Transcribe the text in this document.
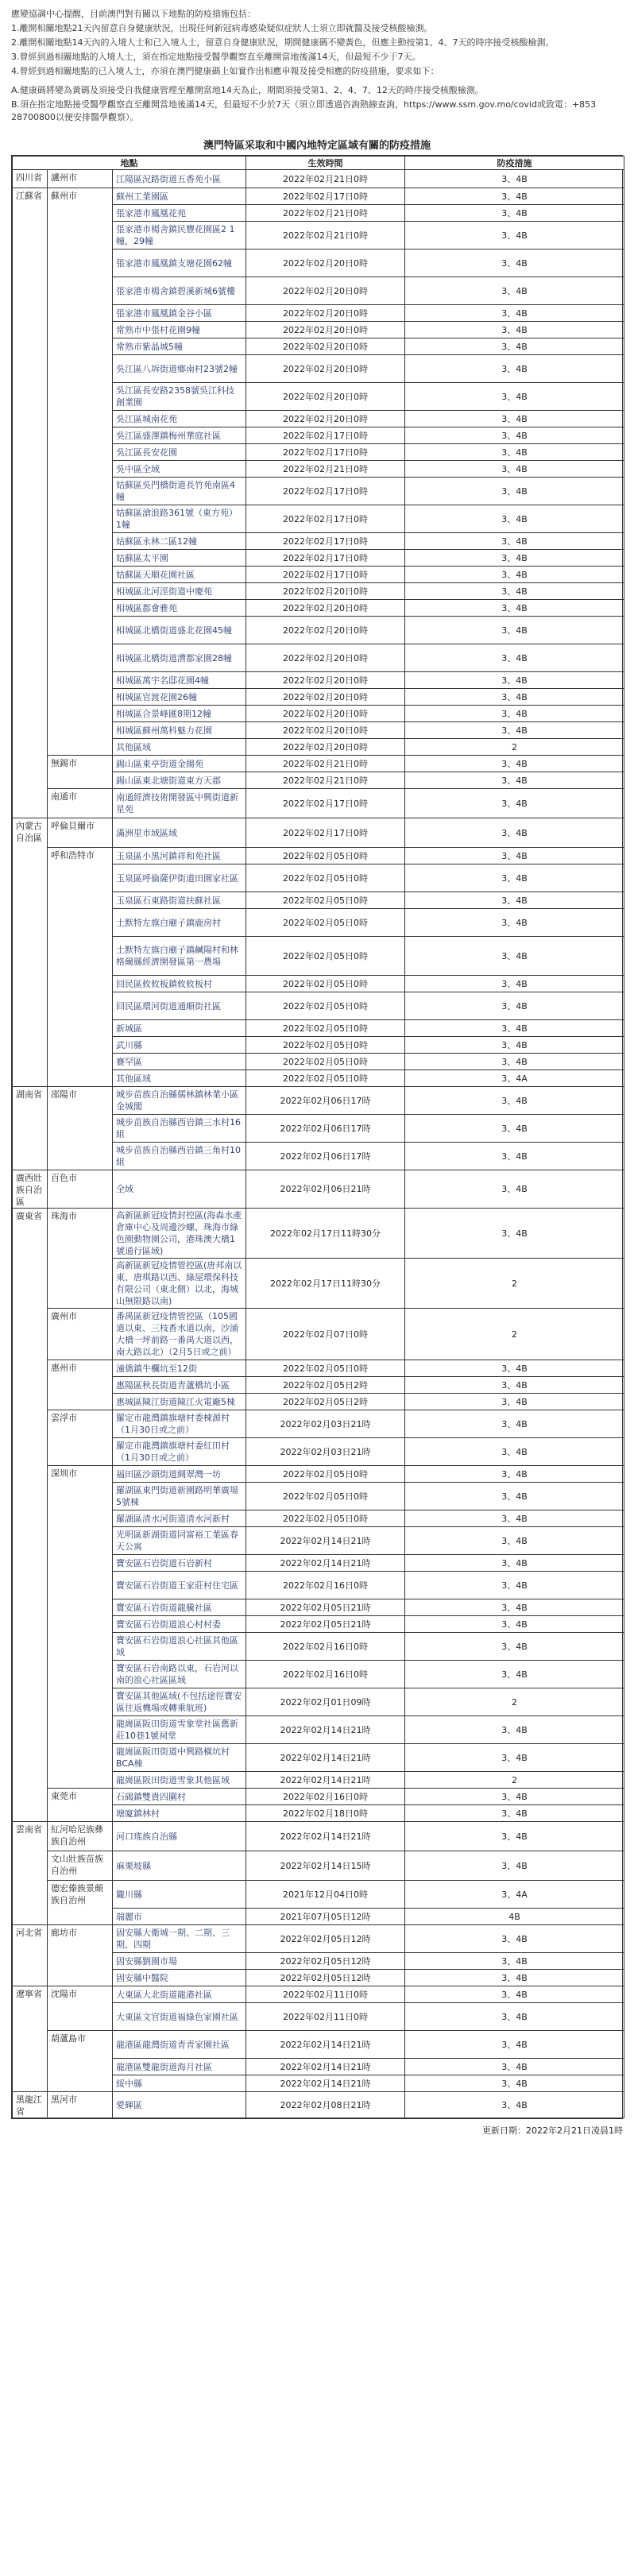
應變協調中心提醒，目前澳門對有關以下地點的防疫措施包括：

1.離開相關地點21天內留意自身健康狀況，出現任何新冠病毒感染疑似症狀人士須立即就醫及接受核酸檢測。

2.離開相關地點14天內的入境人士和已入境人士，留意自身健康狀況，期間健康碼不變黃色，但應主動按第1、4、7天的時序接受核酸檢測。

3.曾經到過相關地點的入境人士，須在指定地點接受醫學觀察直至離開當地後滿14天，但最短不少于7天。

4.曾經到過相關地點的已入境人士，亦須在澳門健康碼上如實作出相應申報及接受相應的防疫措施，要求如下：

A.健康碼將變為黃碼及須接受自我健康管理至離開當地14天為止，期間須接受第1、2、4、7、12天的時序接受核酸檢測。

B.須在指定地點接受醫學觀察直至離開當地後滿14天，但最短不少於7天（須立即透過咨詢熱線查詢，https://www.ssm.gov.mo/covid或致電：+853 28700800以便安排醫學觀察）。

澳門特區采取和中國內地特定區域有關的防疫措施
地點			生效時間	防疫措施
四川省	瀘州市	江陽區況路街道五香苑小區	2022年02月21日0時	3、4B
江蘇省	蘇州市	蘇州工業園區	2022年02月17日0時	3、4B
		張家港市鳳凰花苑	2022年02月21日0時	3、4B
		張家港市楊舍鎮民豐花園區2 1幢，29幢	2022年02月21日0時	3、4B
		張家港市鳳凰鎮支塘花園62幢	2022年02月20日0時	3、4B
		張家港市楊舍鎮碧溪新城6號樓	2022年02月20日0時	3、4B
		張家港市鳳凰鎮金谷小區	2022年02月20日0時	3、4B
		常熟市中張村花園9幢	2022年02月20日0時	3、4B
		常熟市紫晶城5幢	2022年02月20日0時	3、4B
		吳江區八坼街道鄉南村23號2幢	2022年02月20日0時	3、4B
		吳江區長安路2358號吳江科技創業園	2022年02月20日0時	3、4B
		吳江區城南花苑	2022年02月20日0時	3、4B
		吳江區盛澤鎮梅州華庭社區	2022年02月17日0時	3、4B
		吳江區長安花園	2022年02月17日0時	3、4B
		吳中區全域	2022年02月21日0時	3、4B
		姑蘇區吳門橋街道長竹苑南區4幢	2022年02月17日0時	3、4B
		姑蘇區滄浪路361號（東方苑）1幢	2022年02月17日0時	3、4B
		姑蘇區永林二區12幢	2022年02月17日0時	3、4B
		姑蘇區太平園	2022年02月17日0時	3、4B
		姑蘇區天順花園社區	2022年02月17日0時	3、4B
		相城區北河涇街道中慶苑	2022年02月20日0時	3、4B
		相城區都會雅苑	2022年02月20日0時	3、4B
		相城區北橋街道盛北花園45幢	2022年02月20日0時	3、4B
		相城區北橋街道漕都家園28幢	2022年02月20日0時	3、4B
		相城區萬宇名邸花園4幢	2022年02月20日0時	3、4B
		相城區官渡花園26幢	2022年02月20日0時	3、4B
		相城區合景峰匯8期12幢	2022年02月20日0時	3、4B
		相城區蘇州萬科魅力花園	2022年02月20日0時	3、4B
		其他區域	2022年02月20日0時	2
	無錫市	錫山區東亭街道金揚苑	2022年02月21日0時	3、4B
		錫山區東北塘街道東方天郡	2022年02月21日0時	3、4B
	南通市	南通經濟技術開發區中興街道新星苑	2022年02月17日0時	3、4B
內蒙古自治區	呼倫貝爾市	滿洲里市域區域	2022年02月17日0時	3、4B
	呼和浩特市	玉泉區小黑河鎮祥和苑社區	2022年02月05日0時	3、4B
		玉泉區呼倫薩伊街道田園家社區	2022年02月05日0時	3、4B
		玉泉區石東路街道扶蘇社區	2022年02月05日0時	3、4B
		土默特左旗白廟子鎮鹿房村	2022年02月05日0時	3、4B
		土默特左旗白廟子鎮鹹陽村和林格爾縣經濟開發區第一農場	2022年02月05日0時	3、4B
		回民區攸攸板鎮攸攸板村	2022年02月05日0時	3、4B
		回民區環河街道通順街社區	2022年02月05日0時	3、4B
		新城區	2022年02月05日0時	3、4B
		武川縣	2022年02月05日0時	3、4B
		賽罕區	2022年02月05日0時	3、4B
		其他區域	2022年02月05日0時	3、4A
湖南省	邵陽市	城步苗族自治縣儒林鎮林業小區金城閣	2022年02月06日17時	3、4B
		城步苗族自治縣西岩鎮三水村16組	2022年02月06日17時	3、4B
		城步苗族自治縣西岩鎮三角村10組	2022年02月06日17時	3、4B
廣西壯族自治區	百色市	全域	2022年02月06日21時	3、4B
廣東省	珠海市	高新區新冠疫情封控區(海森水產倉庫中心及周邊沙螺、珠海市綠色園動物園公司，港珠澳大橋1號通行區域)	2022年02月17日11時30分	3、4B
		高新區新冠疫情管控區(唐邦南以東、唐琪路以西、綠屋環保科技有限公司（東北側）以北，海城山無限路以南)	2022年02月17日11時30分	2
	廣州市	番禺區新冠疫情管控區（105國道以東、三枝香水道以南，沙涌大橋一坪前路一番禺大道以西，南大路以北）（2月5日或之前）	2022年02月07日0時	2
	惠州市	潼僑鎮牛欄坑至12街	2022年02月05日0時	3、4B
		惠陽區秋長街道青蘆橋坑小區	2022年02月05日2時	3、4B
		惠城區陳江街道陳江火電廠5棟	2022年02月05日2時	3、4B
	雲浮市	羅定市龍灣鎮旗塘村委棟源村（1月30日或之前）	2022年02月03日21時	3、4B
		羅定市龍灣鎮旗塘村委紅田村（1月30日或之前）	2022年02月03日21時	3、4B
	深圳市	福田區沙頭街道綢翠灣一坊	2022年02月05日0時	3、4B
		羅湖區東門街道新園路明華廣場5號棟	2022年02月05日0時	3、4B
		羅湖區清水河街道清水河新村	2022年02月05日0時	3、4B
		光明區新湖街道同富裕工業區春天公寓	2022年02月14日21時	3、4B
		寶安區石岩街道石岩新村	2022年02月14日21時	3、4B
		寶安區石岩街道王家莊村住宅區	2022年02月16日0時	3、4B
		寶安區石岩街道龍騰社區	2022年02月05日21時	3、4B
		寶安區石岩街道浪心村村委	2022年02月05日21時	3、4B
		寶安區石岩街道浪心社區其他區域	2022年02月16日0時	3、4B
		寶安區石岩南路以東，石岩河以南的浪心社區區域	2022年02月16日0時	3、4B
		寶安區其他區域(不包括途徑寶安區往返機場或轉乘航班)	2022年02月01日09時	2
		龍崗區阪田街道雪象堂社區舊新莊10巷1號祠堂	2022年02月14日21時	3、4B
		龍崗區阪田街道中興路橫坑村BCA棟	2022年02月14日21時	3、4B
		龍崗區阪田街道雪象其他區域	2022年02月14日21時	2
	東莞市	石碣鎮雙貴四圍村	2022年02月16日0時	3、4B
		塘廈鎮林村	2022年02月18日0時	3、4B
雲南省	紅河哈尼族彝族自治州	河口瑤族自治縣	2022年02月14日21時	3、4B
	文山壯族苗族自治州	麻栗坡縣	2022年02月14日15時	3、4B
	德宏傣族景頗族自治州	隴川縣	2021年12月04日0時	3、4A
		瑞麗市	2021年07月05日12時	4B
河北省	廊坊市	固安縣大衛城一期、二期、三期、四期	2022年02月05日12時	3、4B
		固安縣劉園市場	2022年02月05日12時	3、4B
		固安縣中醫院	2022年02月05日12時	3、4B
遼寧省	沈陽市	大東區大北街道龍港社區	2022年02月11日0時	3、4B
		大東區文官街道福綠色家園社區	2022年02月11日0時	3、4B
	葫蘆島市	龍港區龍灣街道青青家園社區	2022年02月14日21時	3、4B
		龍港區雙龍街道海月社區	2022年02月14日21時	3、4B
		綏中縣	2022年02月14日21時	3、4B
黑龍江省	黑河市	愛輝區	2022年02月08日21時	3、4B
更新日期：2022年2月21日凌晨1時
